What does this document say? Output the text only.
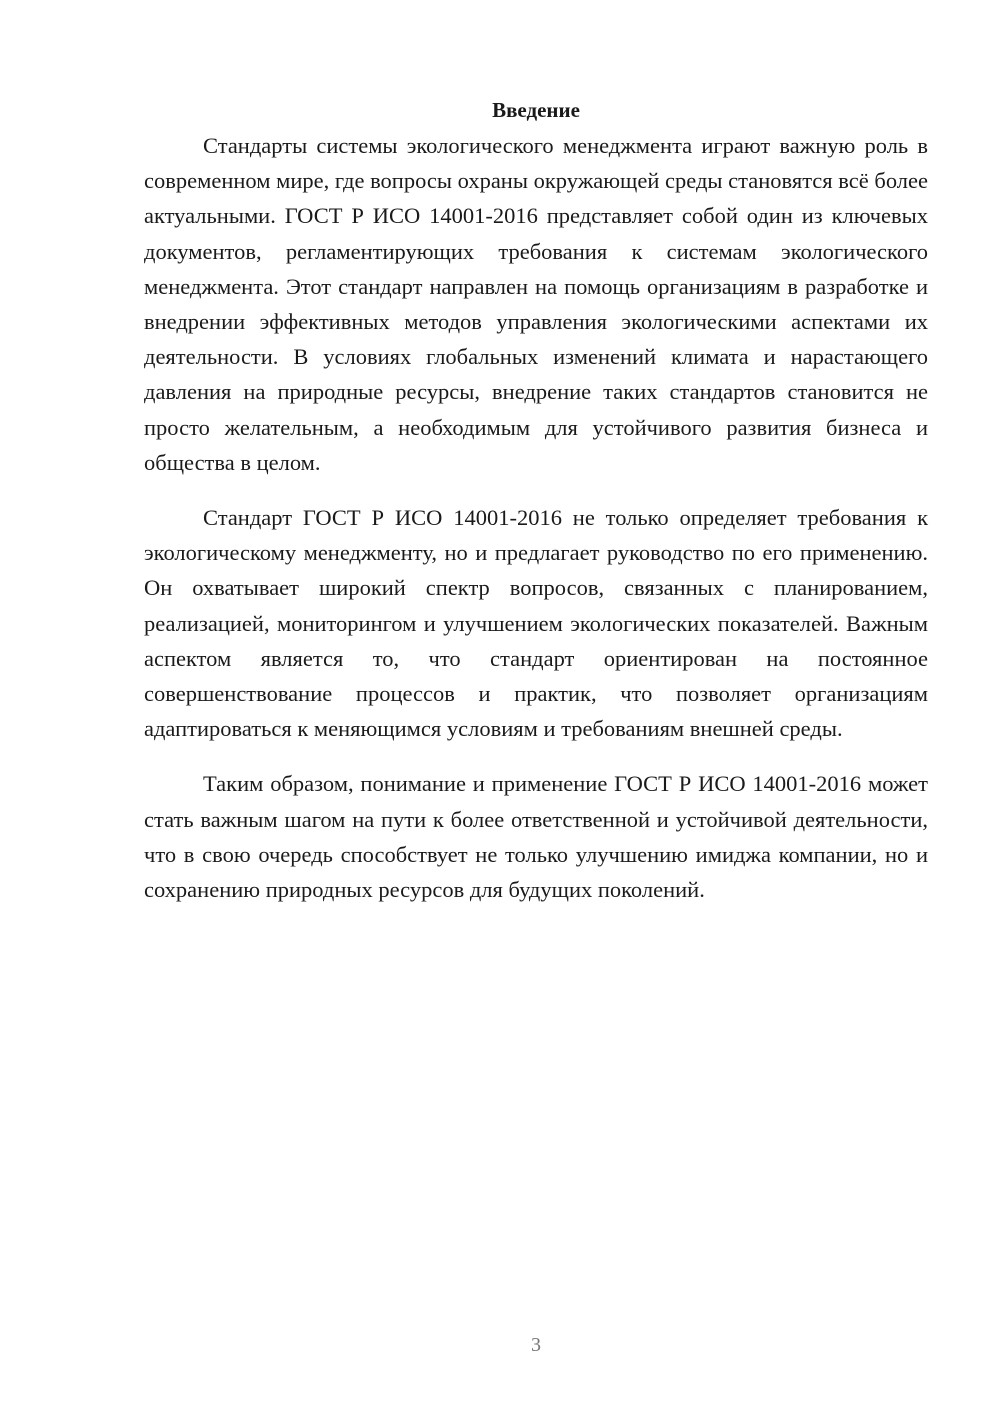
Введение

Стандарты системы экологического менеджмента играют важную роль в современном мире, где вопросы охраны окружающей среды становятся всё более актуальными. ГОСТ Р ИСО 14001-2016 представляет собой один из ключевых документов, регламентирующих требования к системам экологического менеджмента. Этот стандарт направлен на помощь организациям в разработке и внедрении эффективных методов управления экологическими аспектами их деятельности. В условиях глобальных изменений климата и нарастающего давления на природные ресурсы, внедрение таких стандартов становится не просто желательным, а необходимым для устойчивого развития бизнеса и общества в целом.

Стандарт ГОСТ Р ИСО 14001-2016 не только определяет требования к экологическому менеджменту, но и предлагает руководство по его применению. Он охватывает широкий спектр вопросов, связанных с планированием, реализацией, мониторингом и улучшением экологических показателей. Важным аспектом является то, что стандарт ориентирован на постоянное совершенствование процессов и практик, что позволяет организациям адаптироваться к меняющимся условиям и требованиям внешней среды.

Таким образом, понимание и применение ГОСТ Р ИСО 14001-2016 может стать важным шагом на пути к более ответственной и устойчивой деятельности, что в свою очередь способствует не только улучшению имиджа компании, но и сохранению природных ресурсов для будущих поколений.

3
